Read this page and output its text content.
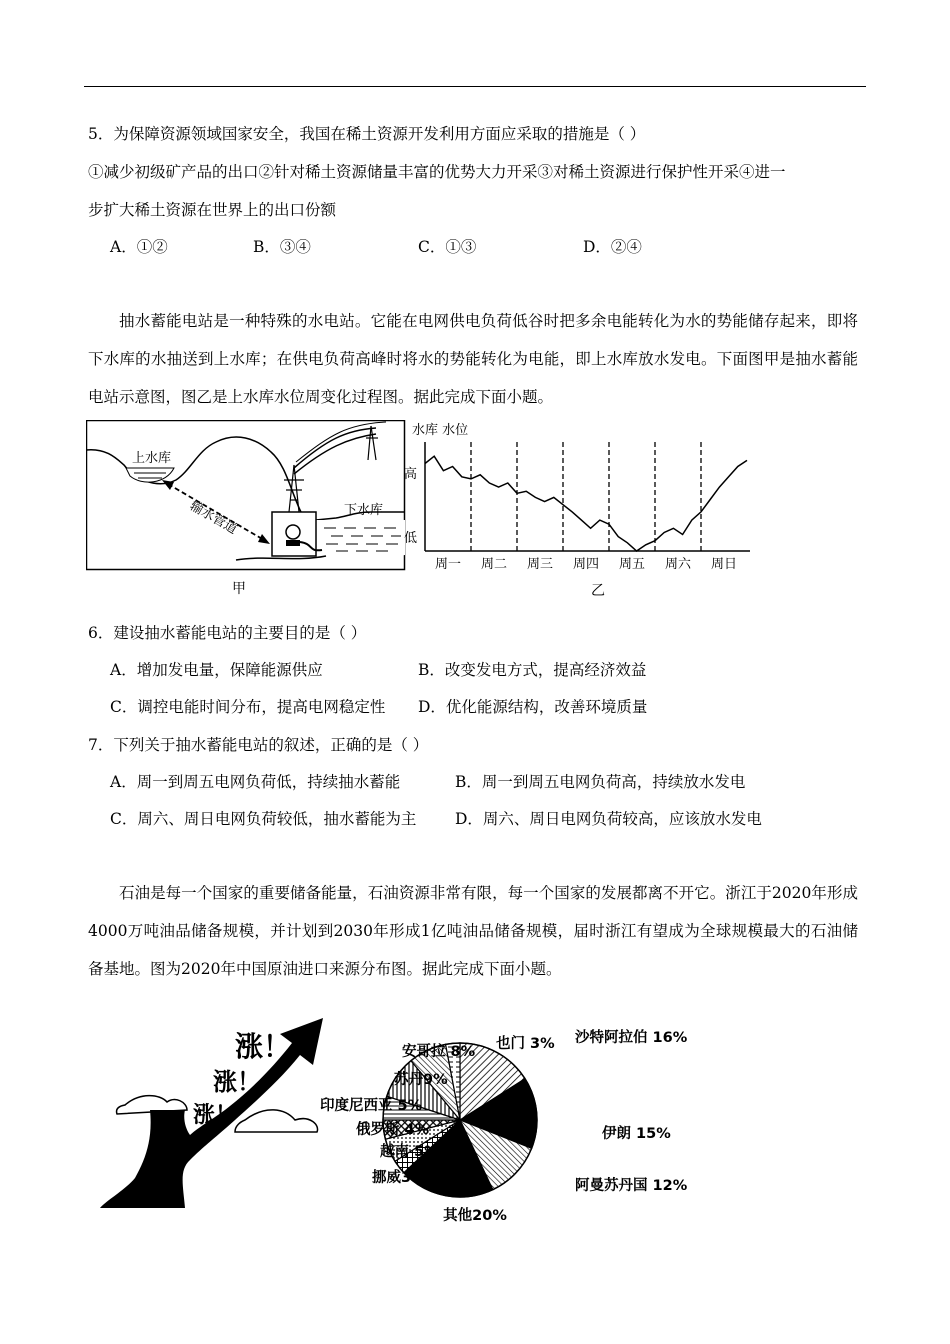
5．为保障资源领域国家安全，我国在稀土资源开发利用方面应采取的措施是（ ）
①减少初级矿产品的出口②针对稀土资源储量丰富的优势大力开采③对稀土资源进行保护性开采④进一
步扩大稀土资源在世界上的出口份额
A．①②	B．③④	C．①③	D．②④

抽水蓄能电站是一种特殊的水电站。它能在电网供电负荷低谷时把多余电能转化为水的势能储存起来，即将下水库的水抽送到上水库；在供电负荷高峰时将水的势能转化为电能，即上水库放水发电。下面图甲是抽水蓄能电站示意图，图乙是上水库水位周变化过程图。据此完成下面小题。

上水库
下水库
输水管道
甲
水库 水位
高
低
周一 周二 周三 周四 周五 周六 周日
乙
6．建设抽水蓄能电站的主要目的是（ ）
A．增加发电量，保障能源供应	B．改变发电方式，提高经济效益
C．调控电能时间分布，提高电网稳定性 D．优化能源结构，改善环境质量
7．下列关于抽水蓄能电站的叙述，正确的是（ ）
A．周一到周五电网负荷低，持续抽水蓄能	B．周一到周五电网负荷高，持续放水发电
C．周六、周日电网负荷较低，抽水蓄能为主 D．周六、周日电网负荷较高，应该放水发电

石油是每一个国家的重要储备能量，石油资源非常有限，每一个国家的发展都离不开它。浙江于2020年形成4000万吨油品储备规模，并计划到2030年形成1亿吨油品储备规模，届时浙江有望成为全球规模最大的石油储备基地。图为2020年中国原油进口来源分布图。据此完成下面小题。

涨！
涨！
涨！
沙特阿拉伯 16%
伊朗 15%
阿曼苏丹国 12%
其他20%
挪威3%
越南 5%
俄罗斯 4%
印度尼西亚 5%
苏丹9%
安哥拉 8% 也门 3%
